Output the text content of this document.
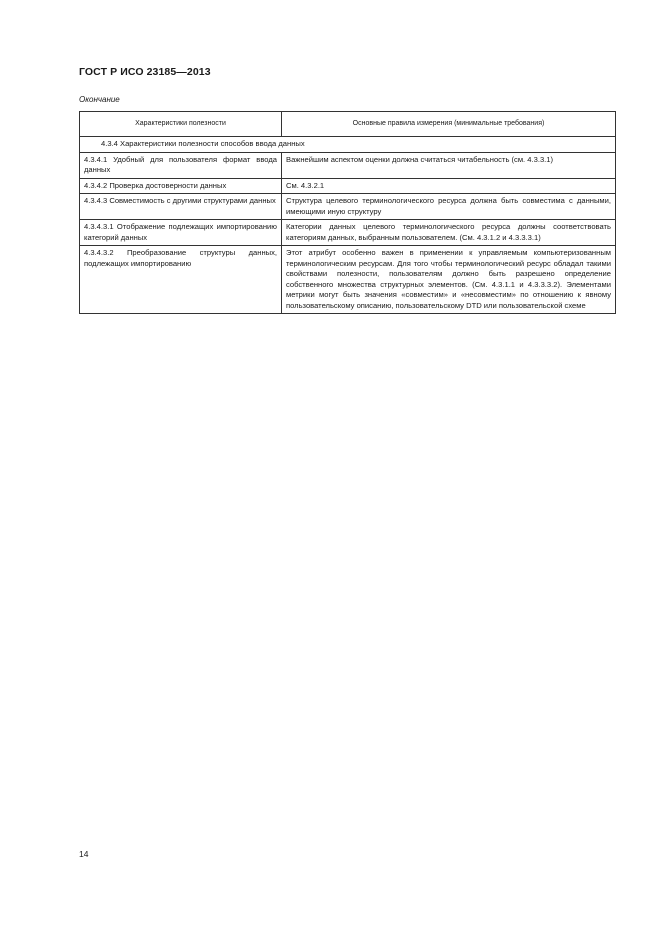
ГОСТ Р ИСО 23185—2013
Окончание
Характеристики полезности	Основные правила измерения (минимальные требования)
4.3.4 Характеристики полезности способов ввода данных	
4.3.4.1 Удобный для пользователя формат ввода данных	Важнейшим аспектом оценки должна считаться читабельность (см. 4.3.3.1)
4.3.4.2 Проверка достоверности данных	См. 4.3.2.1
4.3.4.3 Совместимость с другими структурами данных	Структура целевого терминологического ресурса должна быть совместима с данными, имеющими иную структуру
4.3.4.3.1 Отображение подлежащих импортированию категорий данных	Категории данных целевого терминологического ресурса должны соответствовать категориям данных, выбранным пользователем. (См. 4.3.1.2 и 4.3.3.3.1)
4.3.4.3.2 Преобразование структуры данных, подлежащих импортированию	Этот атрибут особенно важен в применении к управляемым компьютеризованным терминологическим ресурсам. Для того чтобы терминологический ресурс обладал такими свойствами полезности, пользователям должно быть разрешено определение собственного множества структурных элементов. (См. 4.3.1.1 и 4.3.3.3.2). Элементами метрики могут быть значения «совместим» и «несовместим» по отношению к явному пользовательскому описанию, пользовательскому DTD или пользовательской схеме
14
